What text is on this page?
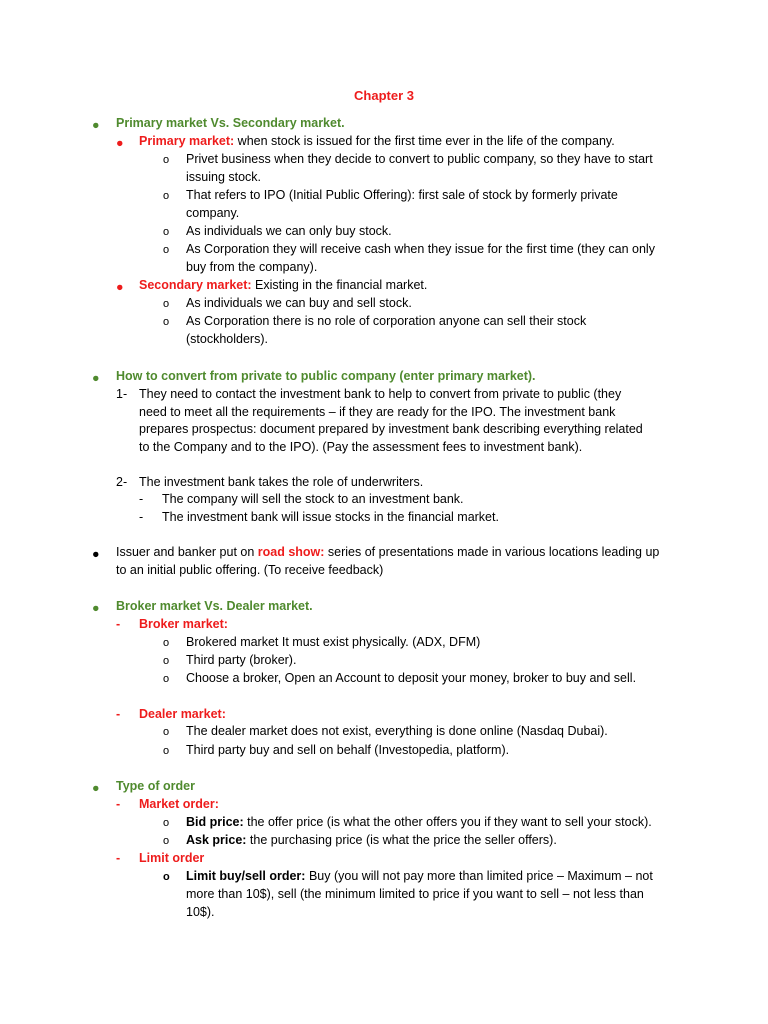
Chapter 3
● Primary market Vs. Secondary market.
● Primary market: when stock is issued for the first time ever in the life of the company.
o Privet business when they decide to convert to public company, so they have to start
issuing stock.
o That refers to IPO (Initial Public Offering): first sale of stock by formerly private
company.
o As individuals we can only buy stock.
o As Corporation they will receive cash when they issue for the first time (they can only
buy from the company).
● Secondary market: Existing in the financial market.
o As individuals we can buy and sell stock.
o As Corporation there is no role of corporation anyone can sell their stock
(stockholders).
● How to convert from private to public company (enter primary market).
1- They need to contact the investment bank to help to convert from private to public (they
need to meet all the requirements – if they are ready for the IPO. The investment bank
prepares prospectus: document prepared by investment bank describing everything related
to the Company and to the IPO). (Pay the assessment fees to investment bank).
2- The investment bank takes the role of underwriters.
- The company will sell the stock to an investment bank.
- The investment bank will issue stocks in the financial market.
● Issuer and banker put on road show: series of presentations made in various locations leading up
to an initial public offering. (To receive feedback)
● Broker market Vs. Dealer market.
- Broker market:
o Brokered market It must exist physically. (ADX, DFM)
o Third party (broker).
o Choose a broker, Open an Account to deposit your money, broker to buy and sell.
- Dealer market:
o The dealer market does not exist, everything is done online (Nasdaq Dubai).
o Third party buy and sell on behalf (Investopedia, platform).
● Type of order
- Market order:
o Bid price: the offer price (is what the other offers you if they want to sell your stock).
o Ask price: the purchasing price (is what the price the seller offers).
- Limit order
o Limit buy/sell order: Buy (you will not pay more than limited price – Maximum – not
more than 10$), sell (the minimum limited to price if you want to sell – not less than
10$).
